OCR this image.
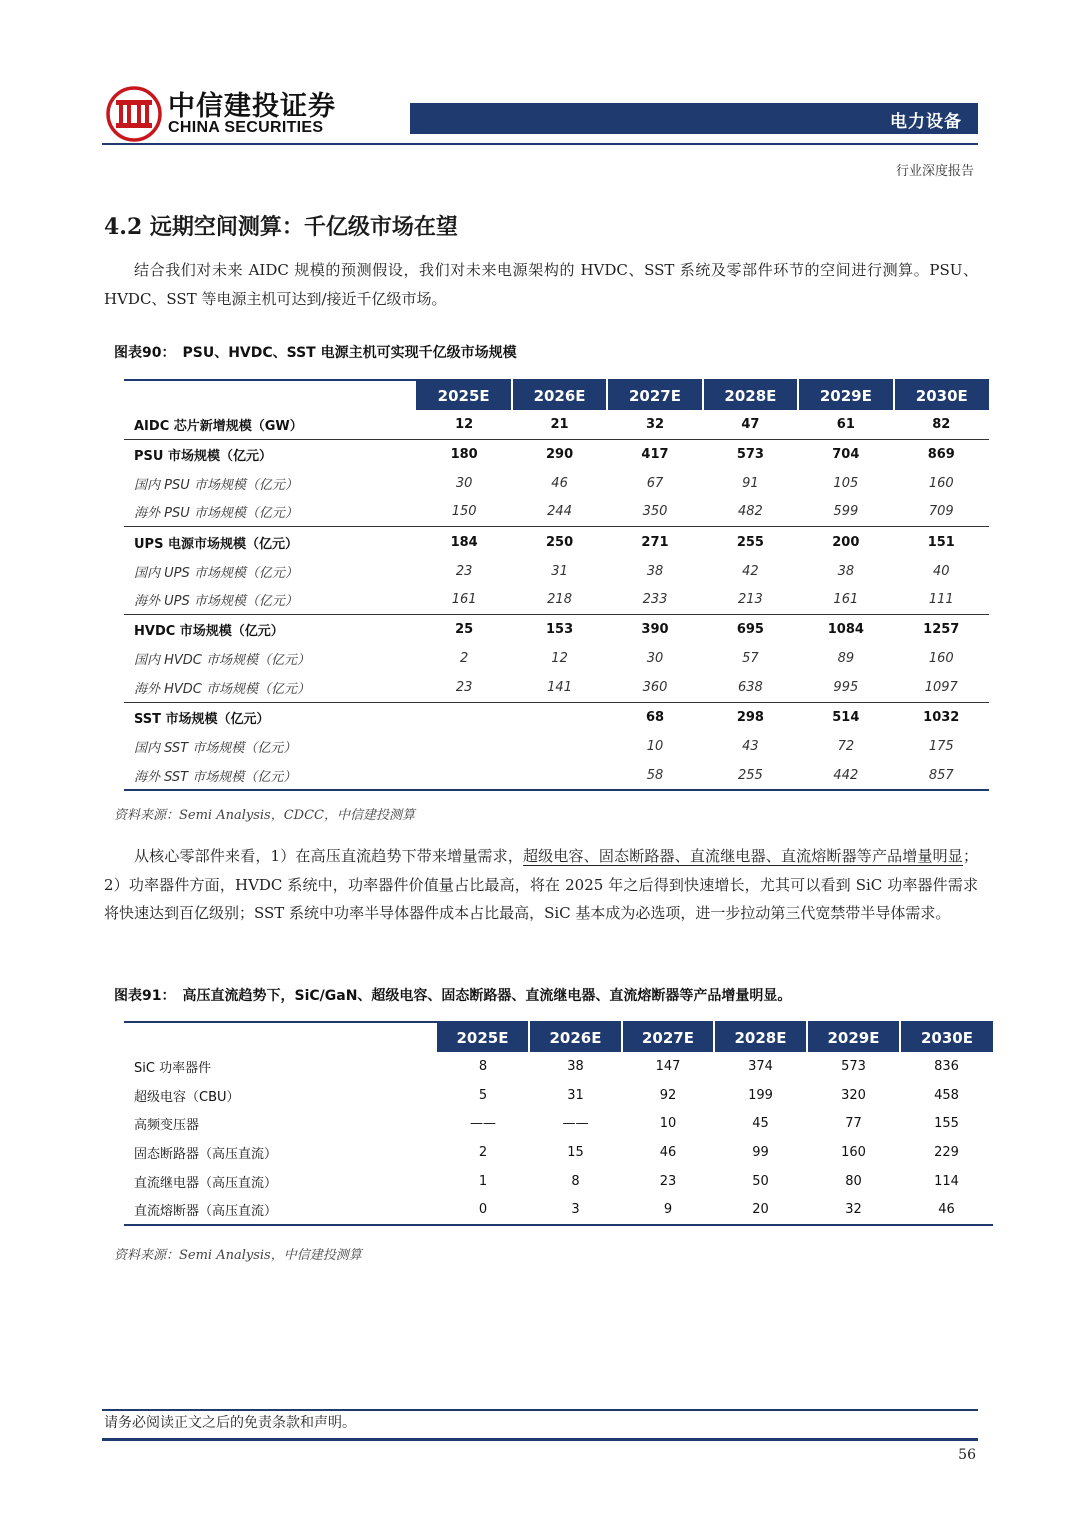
中信建投证券
CHINA SECURITIES	电力设备
行业深度报告
4.2 远期空间测算：千亿级市场在望
结合我们对未来 AIDC 规模的预测假设，我们对未来电源架构的 HVDC、SST 系统及零部件环节的空间进行测算。PSU、HVDC、SST 等电源主机可达到/接近千亿级市场。
图表90：　PSU、HVDC、SST 电源主机可实现千亿级市场规模
	2025E	2026E	2027E	2028E	2029E	2030E
AIDC 芯片新增规模（GW）	12	21	32	47	61	82
PSU 市场规模（亿元）	180	290	417	573	704	869
国内 PSU 市场规模（亿元）	30	46	67	91	105	160
海外 PSU 市场规模（亿元）	150	244	350	482	599	709
UPS 电源市场规模（亿元）	184	250	271	255	200	151
国内 UPS 市场规模（亿元）	23	31	38	42	38	40
海外 UPS 市场规模（亿元）	161	218	233	213	161	111
HVDC 市场规模（亿元）	25	153	390	695	1084	1257
国内 HVDC 市场规模（亿元）	2	12	30	57	89	160
海外 HVDC 市场规模（亿元）	23	141	360	638	995	1097
SST 市场规模（亿元）			68	298	514	1032
国内 SST 市场规模（亿元）			10	43	72	175
海外 SST 市场规模（亿元）			58	255	442	857
资料来源：Semi Analysis，CDCC，中信建投测算
从核心零部件来看，1）在高压直流趋势下带来增量需求，超级电容、固态断路器、直流继电器、直流熔断器等产品增量明显；2）功率器件方面，HVDC 系统中，功率器件价值量占比最高，将在 2025 年之后得到快速增长，尤其可以看到 SiC 功率器件需求将快速达到百亿级别；SST 系统中功率半导体器件成本占比最高，SiC 基本成为必选项，进一步拉动第三代宽禁带半导体需求。
图表91：　高压直流趋势下，SiC/GaN、超级电容、固态断路器、直流继电器、直流熔断器等产品增量明显。
	2025E	2026E	2027E	2028E	2029E	2030E
SiC 功率器件	8	38	147	374	573	836
超级电容（CBU）	5	31	92	199	320	458
高频变压器	——	——	10	45	77	155
固态断路器（高压直流）	2	15	46	99	160	229
直流继电器（高压直流）	1	8	23	50	80	114
直流熔断器（高压直流）	0	3	9	20	32	46
资料来源：Semi Analysis，中信建投测算
请务必阅读正文之后的免责条款和声明。
56
